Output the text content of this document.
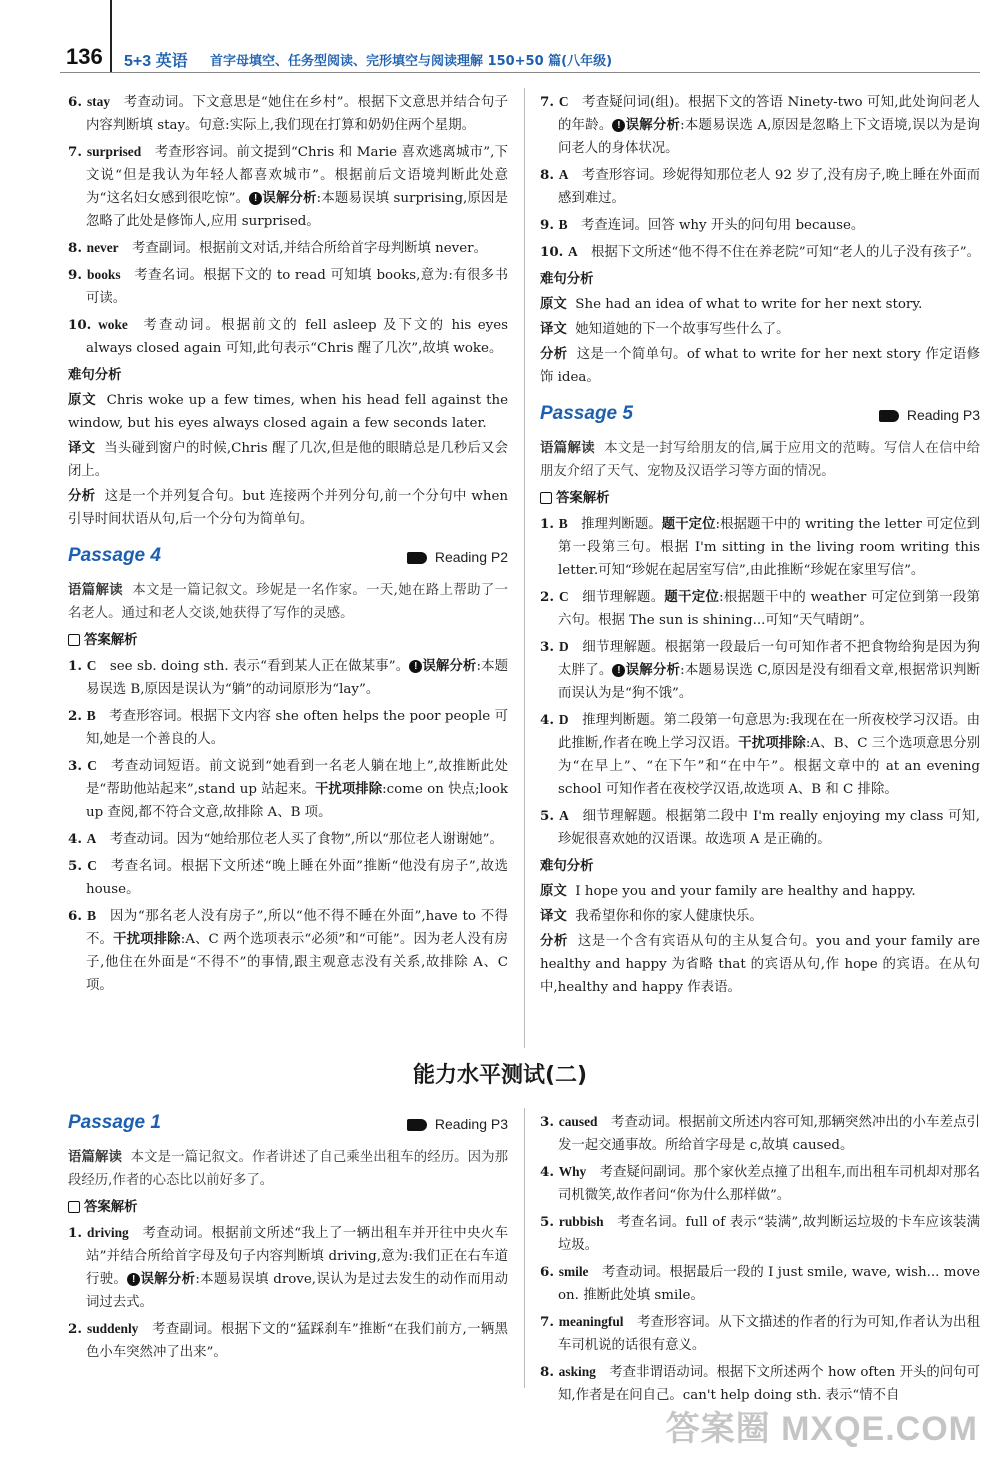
136 5+3 英语 首字母填空、任务型阅读、完形填空与阅读理解 150+50 篇(八年级)
6. stay  考查动词。下文意思是“她住在乡村”。根据下文意思并结合句子内容判断填 stay。句意:实际上,我们现在打算和奶奶住两个星期。
7. surprised  考查形容词。前文提到“Chris 和 Marie 喜欢逃离城市”,下文说“但是我认为年轻人都喜欢城市”。根据前后文语境判断此处意为“这名妇女感到很吃惊”。 ! 误解分析:本题易误填 surprising,原因是忽略了此处是修饰人,应用 surprised。
8. never  考查副词。根据前文对话,并结合所给首字母判断填 never。
9. books  考查名词。根据下文的 to read 可知填 books,意为:有很多书可读。
10. woke  考查动词。根据前文的 fell asleep 及下文的 his eyes always closed again 可知,此句表示“Chris 醒了几次”,故填 woke。
难句分析
原文 Chris woke up a few times, when his head fell against the window, but his eyes always closed again a few seconds later.
译文 当头碰到窗户的时候,Chris 醒了几次,但是他的眼睛总是几秒后又会闭上。
分析 这是一个并列复合句。but 连接两个并列分句,前一个分句中 when 引导时间状语从句,后一个分句为简单句。
Passage 4	Reading P2
语篇解读 本文是一篇记叙文。珍妮是一名作家。一天,她在路上帮助了一名老人。通过和老人交谈,她获得了写作的灵感。
答案解析
1. C  see sb. doing sth. 表示“看到某人正在做某事”。 ! 误解分析:本题易误选 B,原因是误认为“躺”的动词原形为“lay”。
2. B  考查形容词。根据下文内容 she often helps the poor people 可知,她是一个善良的人。
3. C  考查动词短语。前文说到“她看到一名老人躺在地上”,故推断此处是“帮助他站起来”,stand up 站起来。干扰项排除:come on 快点;look up 查阅,都不符合文意,故排除 A、B 项。
4. A  考查动词。因为“她给那位老人买了食物”,所以“那位老人谢谢她”。
5. C  考查名词。根据下文所述“晚上睡在外面”推断“他没有房子”,故选 house。
6. B  因为“那名老人没有房子”,所以“他不得不睡在外面”,have to 不得不。干扰项排除:A、C 两个选项表示“必须”和“可能”。因为老人没有房子,他住在外面是“不得不”的事情,跟主观意志没有关系,故排除 A、C 项。
7. C  考查疑问词(组)。根据下文的答语 Ninety-two 可知,此处询问老人的年龄。 ! 误解分析:本题易误选 A,原因是忽略上下文语境,误以为是询问老人的身体状况。
8. A  考查形容词。珍妮得知那位老人 92 岁了,没有房子,晚上睡在外面而感到难过。
9. B  考查连词。回答 why 开头的问句用 because。
10. A  根据下文所述“他不得不住在养老院”可知“老人的儿子没有孩子”。
难句分析
原文 She had an idea of what to write for her next story.
译文 她知道她的下一个故事写些什么了。
分析 这是一个简单句。of what to write for her next story 作定语修饰 idea。
Passage 5	Reading P3
语篇解读 本文是一封写给朋友的信,属于应用文的范畴。写信人在信中给朋友介绍了天气、宠物及汉语学习等方面的情况。
答案解析
1. B  推理判断题。题干定位:根据题干中的 writing the letter 可定位到第一段第三句。根据 I'm sitting in the living room writing this letter.可知“珍妮在起居室写信”,由此推断“珍妮在家里写信”。
2. C  细节理解题。题干定位:根据题干中的 weather 可定位到第一段第六句。根据 The sun is shining...可知“天气晴朗”。
3. D  细节理解题。根据第一段最后一句可知作者不把食物给狗是因为狗太胖了。 ! 误解分析:本题易误选 C,原因是没有细看文章,根据常识判断而误认为是“狗不饿”。
4. D  推理判断题。第二段第一句意思为:我现在在一所夜校学习汉语。由此推断,作者在晚上学习汉语。干扰项排除:A、B、C 三个选项意思分别为“在早上”、“在下午”和“在中午”。根据文章中的 at an evening school 可知作者在夜校学汉语,故选项 A、B 和 C 排除。
5. A  细节理解题。根据第二段中 I'm really enjoying my class 可知,珍妮很喜欢她的汉语课。故选项 A 是正确的。
难句分析
原文 I hope you and your family are healthy and happy.
译文 我希望你和你的家人健康快乐。
分析 这是一个含有宾语从句的主从复合句。you and your family are healthy and happy 为省略 that 的宾语从句,作 hope 的宾语。在从句中,healthy and happy 作表语。
能力水平测试(二)
Passage 1	Reading P3
语篇解读 本文是一篇记叙文。作者讲述了自己乘坐出租车的经历。因为那段经历,作者的心态比以前好多了。
答案解析
1. driving  考查动词。根据前文所述“我上了一辆出租车并开往中央火车站”并结合所给首字母及句子内容判断填 driving,意为:我们正在右车道行驶。 ! 误解分析:本题易误填 drove,误认为是过去发生的动作而用动词过去式。
2. suddenly  考查副词。根据下文的“猛踩刹车”推断“在我们前方,一辆黑色小车突然冲了出来”。
3. caused  考查动词。根据前文所述内容可知,那辆突然冲出的小车差点引发一起交通事故。所给首字母是 c,故填 caused。
4. Why  考查疑问副词。那个家伙差点撞了出租车,而出租车司机却对那名司机微笑,故作者问“你为什么那样做”。
5. rubbish  考查名词。full of 表示“装满”,故判断运垃圾的卡车应该装满垃圾。
6. smile  考查动词。根据最后一段的 I just smile, wave, wish... move on. 推断此处填 smile。
7. meaningful  考查形容词。从下文描述的作者的行为可知,作者认为出租车司机说的话很有意义。
8. asking  考查非谓语动词。根据下文所述两个 how often 开头的问句可知,作者是在问自己。can't help doing sth. 表示“情不自
答案圈 MXQE.COM
